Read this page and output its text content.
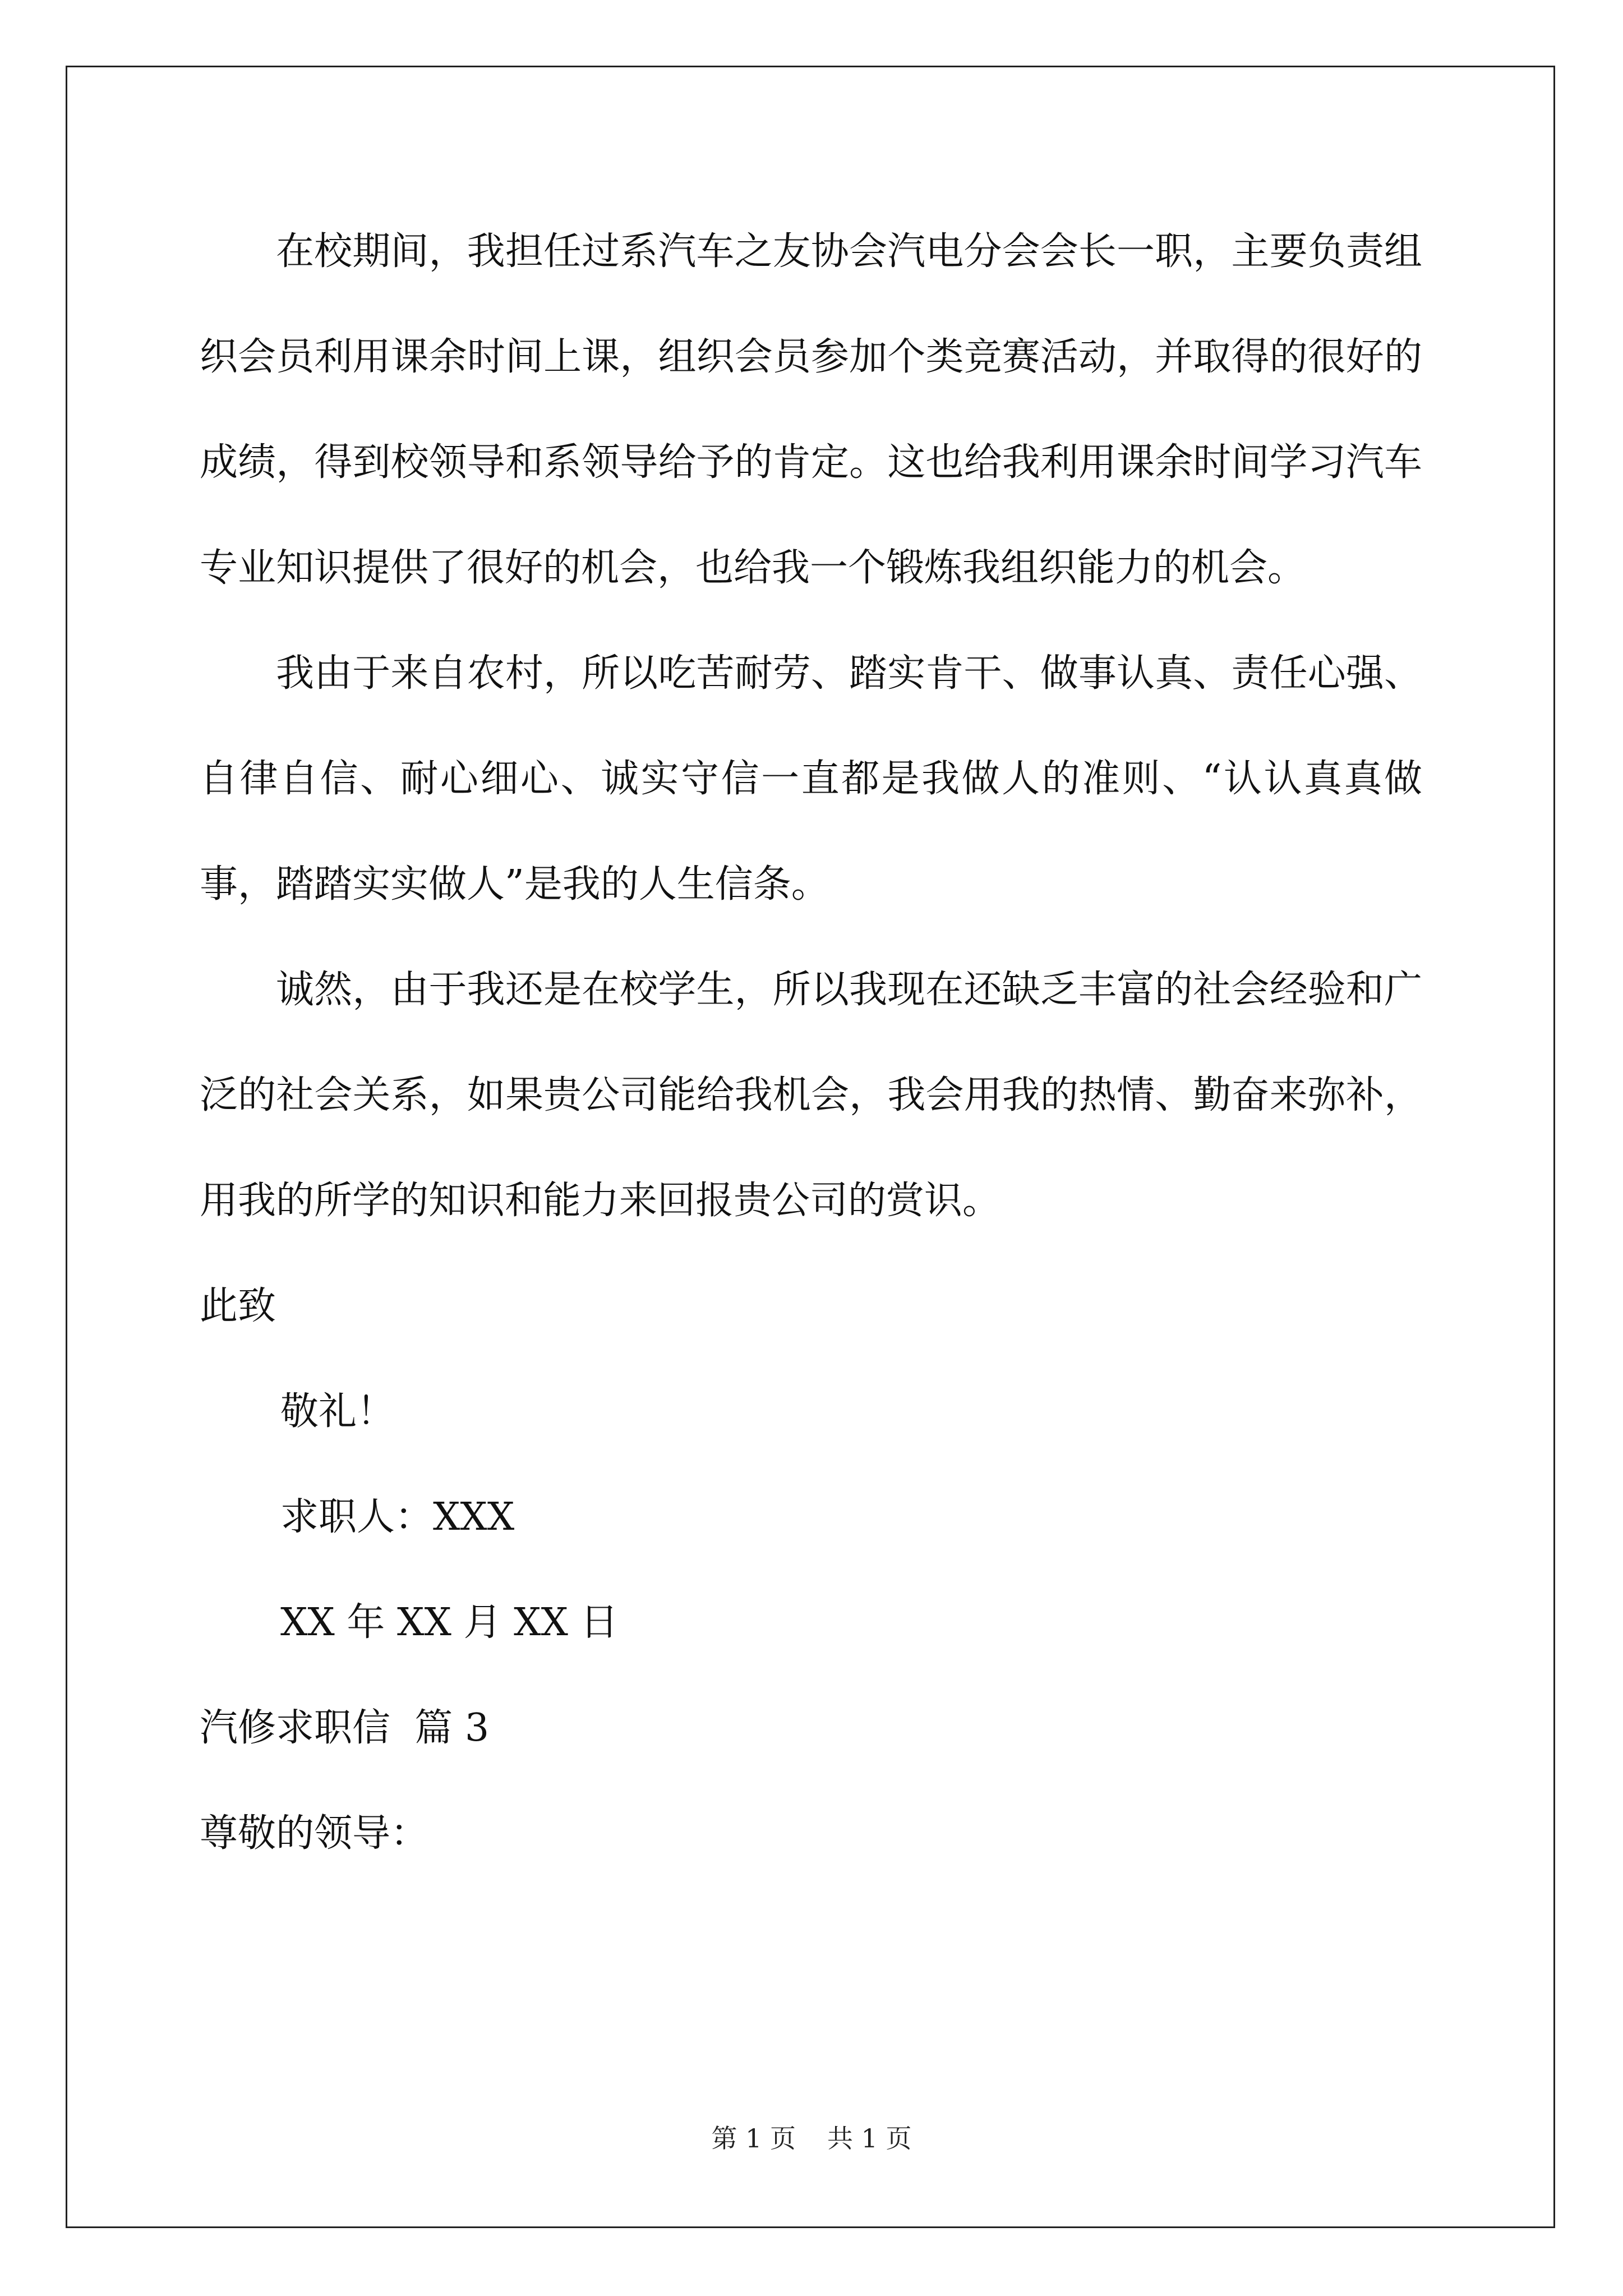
在校期间，我担任过系汽车之友协会汽电分会会长一职，主要负责组织会员利用课余时间上课，组织会员参加个类竞赛活动，并取得的很好的成绩，得到校领导和系领导给予的肯定。这也给我利用课余时间学习汽车专业知识提供了很好的机会，也给我一个锻炼我组织能力的机会。

我由于来自农村，所以吃苦耐劳、踏实肯干、做事认真、责任心强、自律自信、耐心细心、诚实守信一直都是我做人的准则、“认认真真做事，踏踏实实做人”是我的人生信条。

诚然，由于我还是在校学生，所以我现在还缺乏丰富的社会经验和广泛的社会关系，如果贵公司能给我机会，我会用我的热情、勤奋来弥补，用我的所学的知识和能力来回报贵公司的赏识。

此致

敬礼！

求职人：XXX

XX 年 XX 月 XX 日

汽修求职信  篇 3

尊敬的领导：

第 1 页 共 1 页
